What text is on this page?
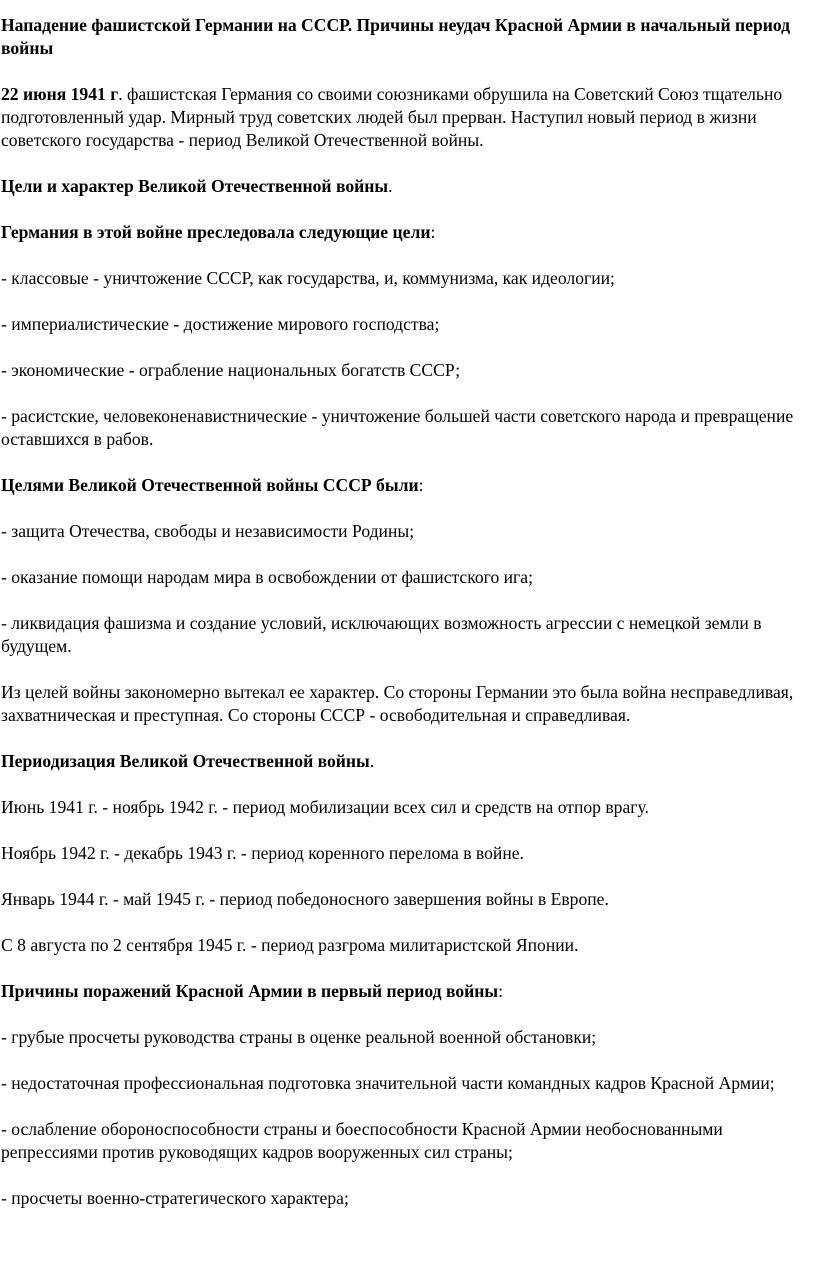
Нападение фашистской Германии на СССР. Причины неудач Красной Армии в начальный период войны

22 июня 1941 г. фашистская Германия со своими союзниками обрушила на Советский Союз тщательно подготовленный удар. Мирный труд советских людей был прерван. Наступил новый период в жизни советского государства - период Великой Отечественной войны.

Цели и характер Великой Отечественной войны.

Германия в этой войне преследовала следующие цели:

- классовые - уничтожение СССР, как государства, и, коммунизма, как идеологии;

- империалистические - достижение мирового господства;

- экономические - ограбление национальных богатств СССР;

- расистские, человеконенавистнические - уничтожение большей части советского народа и превращение оставшихся в рабов.

Целями Великой Отечественной войны СССР были:

- защита Отечества, свободы и независимости Родины;

- оказание помощи народам мира в освобождении от фашистского ига;

- ликвидация фашизма и создание условий, исключающих возможность агрессии с немецкой земли в будущем.

Из целей войны закономерно вытекал ее характер. Со стороны Германии это была война несправедливая, захватническая и преступная. Со стороны СССР - освободительная и справедливая.

Периодизация Великой Отечественной войны.

Июнь 1941 г. - ноябрь 1942 г. - период мобилизации всех сил и средств на отпор врагу.

Ноябрь 1942 г. - декабрь 1943 г. - период коренного перелома в войне.

Январь 1944 г. - май 1945 г. - период победоносного завершения войны в Европе.

С 8 августа по 2 сентября 1945 г. - период разгрома милитаристской Японии.

Причины поражений Красной Армии в первый период войны:

- грубые просчеты руководства страны в оценке реальной военной обстановки;

- недостаточная профессиональная подготовка значительной части командных кадров Красной Армии;

- ослабление обороноспособности страны и боеспособности Красной Армии необоснованными репрессиями против руководящих кадров вооруженных сил страны;

- просчеты военно-стратегического характера;
